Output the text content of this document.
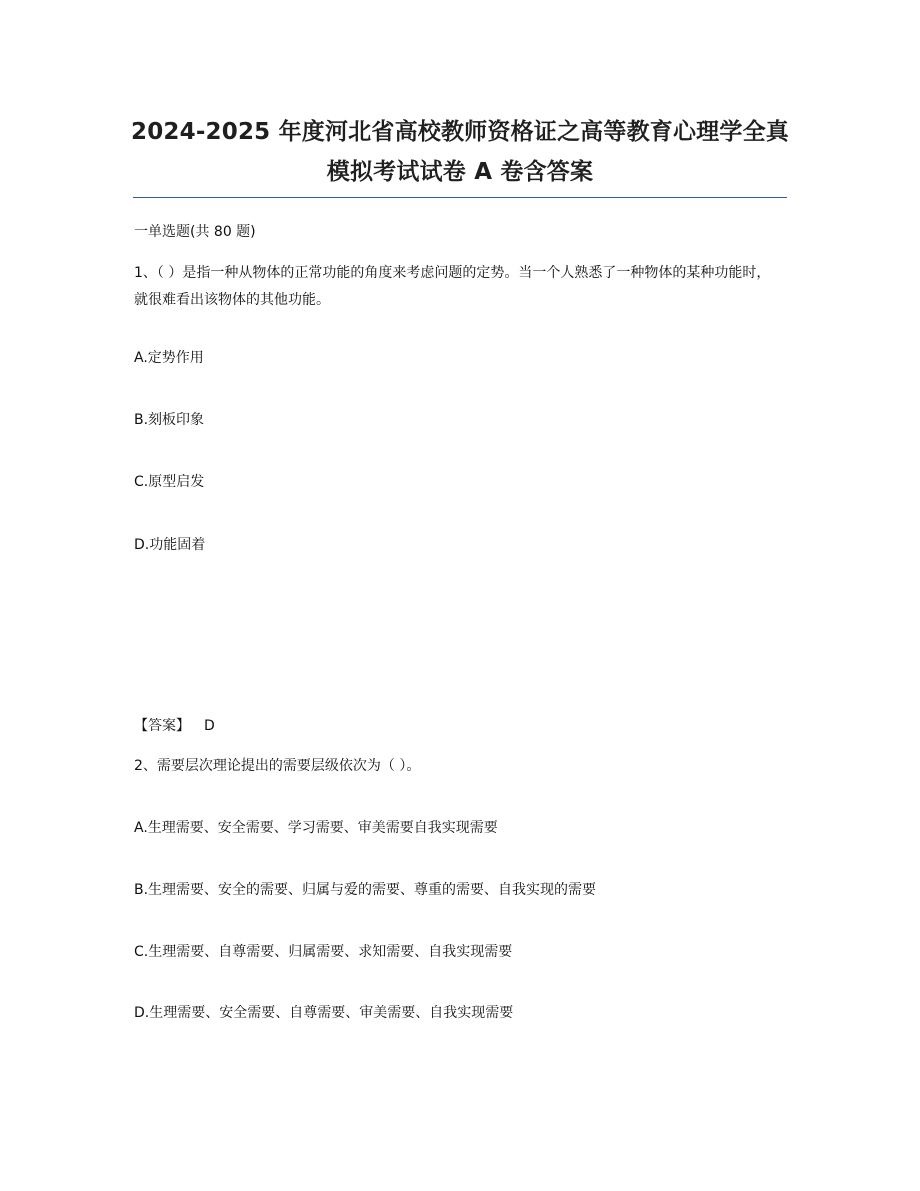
2024-2025 年度河北省高校教师资格证之高等教育心理学全真模拟考试试卷 A 卷含答案
一单选题(共 80 题)
1、（ ）是指一种从物体的正常功能的角度来考虑问题的定势。当一个人熟悉了一种物体的某种功能时，就很难看出该物体的其他功能。
A.定势作用
B.刻板印象
C.原型启发
D.功能固着
【答案】 D
2、需要层次理论提出的需要层级依次为（ ）。
A.生理需要、安全需要、学习需要、审美需要自我实现需要
B.生理需要、安全的需要、归属与爱的需要、尊重的需要、自我实现的需要
C.生理需要、自尊需要、归属需要、求知需要、自我实现需要
D.生理需要、安全需要、自尊需要、审美需要、自我实现需要
